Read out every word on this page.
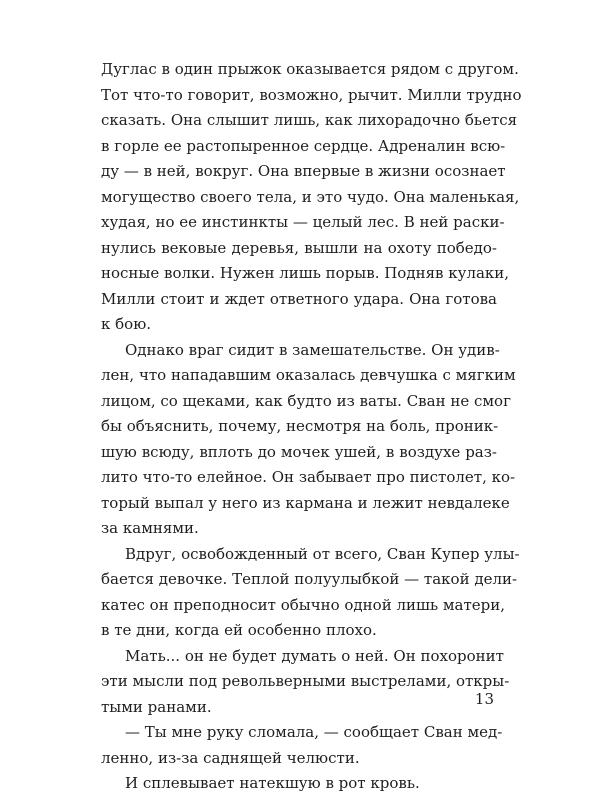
Дуглас в один прыжок оказывается рядом с другом.
Тот что-то говорит, возможно, рычит. Милли трудно
сказать. Она слышит лишь, как лихорадочно бьется
в горле ее растопыренное сердце. Адреналин всю-
ду — в ней, вокруг. Она впервые в жизни осознает
могущество своего тела, и это чудо. Она маленькая,
худая, но ее инстинкты — целый лес. В ней раски-
нулись вековые деревья, вышли на охоту победо-
носные волки. Нужен лишь порыв. Подняв кулаки,
Милли стоит и ждет ответного удара. Она готова
к бою.
Однако враг сидит в замешательстве. Он удив-
лен, что нападавшим оказалась девчушка с мягким
лицом, со щеками, как будто из ваты. Сван не смог
бы объяснить, почему, несмотря на боль, проник-
шую всюду, вплоть до мочек ушей, в воздухе раз-
лито что-то елейное. Он забывает про пистолет, ко-
торый выпал у него из кармана и лежит невдалеке
за камнями.
Вдруг, освобожденный от всего, Сван Купер улы-
бается девочке. Теплой полуулыбкой — такой дели-
катес он преподносит обычно одной лишь матери,
в те дни, когда ей особенно плохо.
Мать... он не будет думать о ней. Он похоронит
эти мысли под револьверными выстрелами, откры-
тыми ранами.
— Ты мне руку сломала, — сообщает Сван мед-
ленно, из-за саднящей челюсти.
И сплевывает натекшую в рот кровь.
13
